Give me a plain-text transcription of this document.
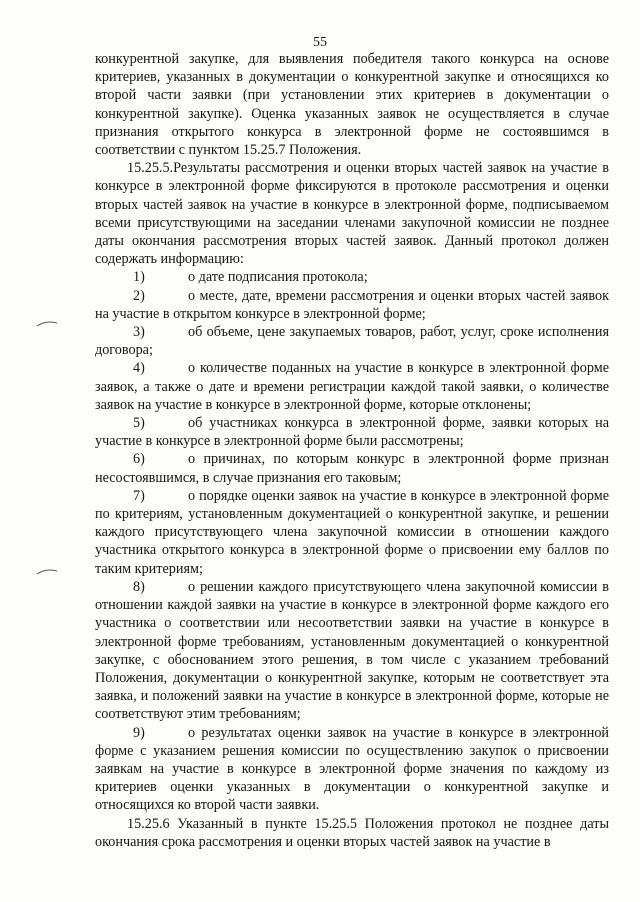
55

конкурентной закупке, для выявления победителя такого конкурса на основе критериев, указанных в документации о конкурентной закупке и относящихся ко второй части заявки (при установлении этих критериев в документации о конкурентной закупке). Оценка указанных заявок не осуществляется в случае признания открытого конкурса в электронной форме не состоявшимся в соответствии с пунктом 15.25.7 Положения.

15.25.5.Результаты рассмотрения и оценки вторых частей заявок на участие в конкурсе в электронной форме фиксируются в протоколе рассмотрения и оценки вторых частей заявок на участие в конкурсе в электронной форме, подписываемом всеми присутствующими на заседании членами закупочной комиссии не позднее даты окончания рассмотрения вторых частей заявок. Данный протокол должен содержать информацию:

1)	о дате подписания протокола;

2)	о месте, дате, времени рассмотрения и оценки вторых частей заявок на участие в открытом конкурсе в электронной форме;

3)	об объеме, цене закупаемых товаров, работ, услуг, сроке исполнения договора;

4)	о количестве поданных на участие в конкурсе в электронной форме заявок, а также о дате и времени регистрации каждой такой заявки, о количестве заявок на участие в конкурсе в электронной форме, которые отклонены;

5)	об участниках конкурса в электронной форме, заявки которых на участие в конкурсе в электронной форме были рассмотрены;

6)	о причинах, по которым конкурс в электронной форме признан несостоявшимся, в случае признания его таковым;

7)	о порядке оценки заявок на участие в конкурсе в электронной форме по критериям, установленным документацией о конкурентной закупке, и решении каждого присутствующего члена закупочной комиссии в отношении каждого участника открытого конкурса в электронной форме о присвоении ему баллов по таким критериям;

8)	о решении каждого присутствующего члена закупочной комиссии в отношении каждой заявки на участие в конкурсе в электронной форме каждого его участника о соответствии или несоответствии заявки на участие в конкурсе в электронной форме требованиям, установленным документацией о конкурентной закупке, с обоснованием этого решения, в том числе с указанием требований Положения, документации о конкурентной закупке, которым не соответствует эта заявка, и положений заявки на участие в конкурсе в электронной форме, которые не соответствуют этим требованиям;

9)	о результатах оценки заявок на участие в конкурсе в электронной форме с указанием решения комиссии по осуществлению закупок о присвоении заявкам на участие в конкурсе в электронной форме значения по каждому из критериев оценки указанных в документации о конкурентной закупке и относящихся ко второй части заявки.

15.25.6 Указанный в пункте 15.25.5 Положения протокол не позднее даты окончания срока рассмотрения и оценки вторых частей заявок на участие в
